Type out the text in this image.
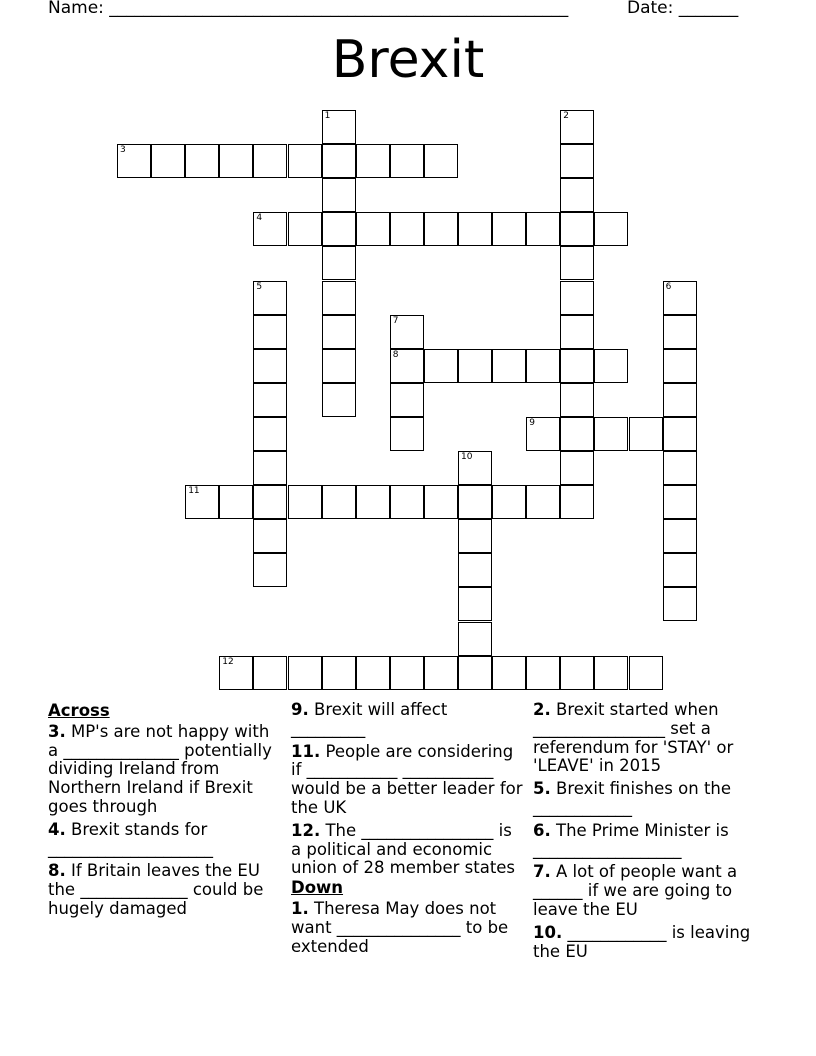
Name: ______________________________________________________	Date: _______
Brexit
1	2
3
4
5	6
7
8
9
10
11
12
Across
3. MP's are not happy with a ______________ potentially dividing Ireland from Northern Ireland if Brexit goes through
4. Brexit stands for ____________________
8. If Britain leaves the EU the _____________ could be hugely damaged
9. Brexit will affect _________
11. People are considering if ___________ ___________ would be a better leader for the UK
12. The ________________ is a political and economic union of 28 member states
Down
1. Theresa May does not want _______________ to be extended
2. Brexit started when ________________ set a referendum for 'STAY' or 'LEAVE' in 2015
5. Brexit finishes on the ____________
6. The Prime Minister is __________________
7. A lot of people want a ______ if we are going to leave the EU
10. ____________ is leaving the EU
